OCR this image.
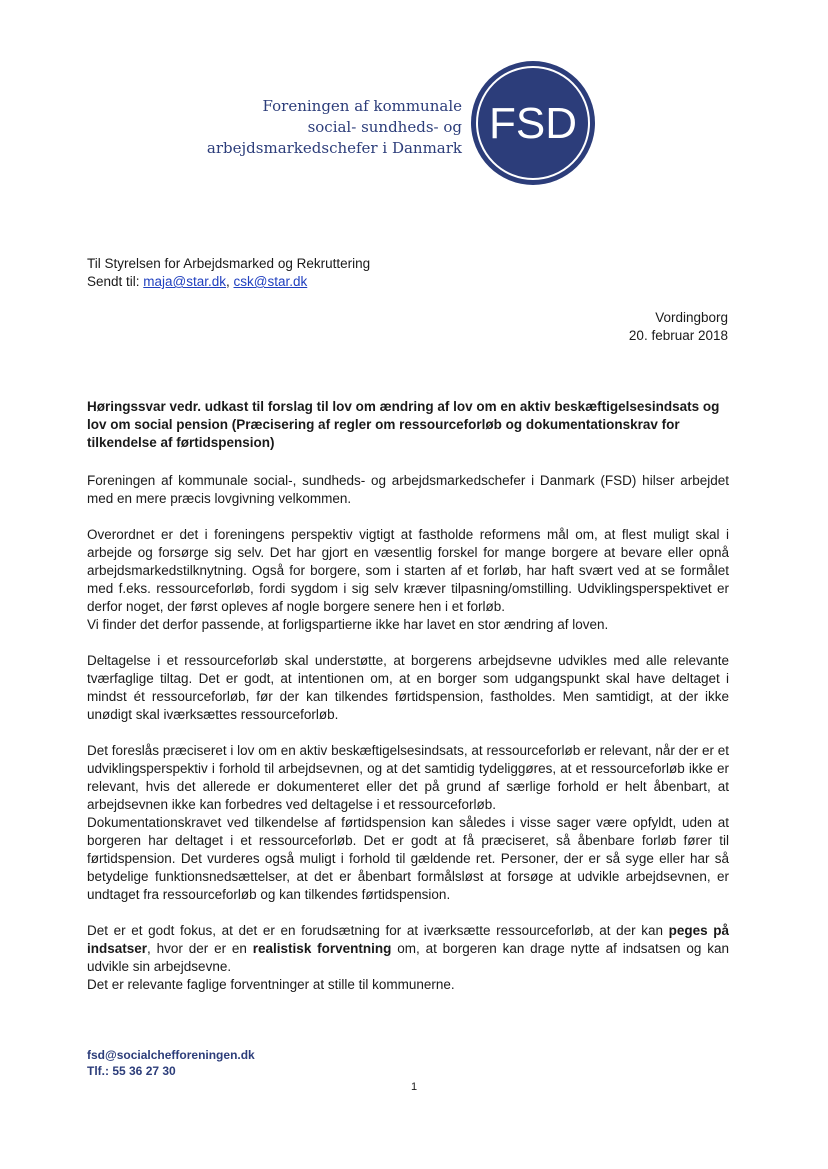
Foreningen af kommunale
social- sundheds- og
arbejdsmarkedschefer i Danmark FSD
Til Styrelsen for Arbejdsmarked og Rekruttering
Sendt til: maja@star.dk, csk@star.dk
Vordingborg
20. februar 2018
Høringssvar vedr. udkast til forslag til lov om ændring af lov om en aktiv beskæftigelsesindsats og lov om social pension (Præcisering af regler om ressourceforløb og dokumentationskrav for tilkendelse af førtidspension)

Foreningen af kommunale social-, sundheds- og arbejdsmarkedschefer i Danmark (FSD) hilser arbejdet med en mere præcis lovgivning velkommen.

Overordnet er det i foreningens perspektiv vigtigt at fastholde reformens mål om, at flest muligt skal i arbejde og forsørge sig selv. Det har gjort en væsentlig forskel for mange borgere at bevare eller opnå arbejdsmarkedstilknytning. Også for borgere, som i starten af et forløb, har haft svært ved at se formålet med f.eks. ressourceforløb, fordi sygdom i sig selv kræver tilpasning/omstilling. Udviklingsperspektivet er derfor noget, der først opleves af nogle borgere senere hen i et forløb.

Vi finder det derfor passende, at forligspartierne ikke har lavet en stor ændring af loven.

Deltagelse i et ressourceforløb skal understøtte, at borgerens arbejdsevne udvikles med alle relevante tværfaglige tiltag. Det er godt, at intentionen om, at en borger som udgangspunkt skal have deltaget i mindst ét ressourceforløb, før der kan tilkendes førtidspension, fastholdes. Men samtidigt, at der ikke unødigt skal iværksættes ressourceforløb.

Det foreslås præciseret i lov om en aktiv beskæftigelsesindsats, at ressourceforløb er relevant, når der er et udviklingsperspektiv i forhold til arbejdsevnen, og at det samtidig tydeliggøres, at et ressourceforløb ikke er relevant, hvis det allerede er dokumenteret eller det på grund af særlige forhold er helt åbenbart, at arbejdsevnen ikke kan forbedres ved deltagelse i et ressourceforløb.

Dokumentationskravet ved tilkendelse af førtidspension kan således i visse sager være opfyldt, uden at borgeren har deltaget i et ressourceforløb. Det er godt at få præciseret, så åbenbare forløb fører til førtidspension. Det vurderes også muligt i forhold til gældende ret. Personer, der er så syge eller har så betydelige funktionsnedsættelser, at det er åbenbart formålsløst at forsøge at udvikle arbejdsevnen, er undtaget fra ressourceforløb og kan tilkendes førtidspension.

Det er et godt fokus, at det er en forudsætning for at iværksætte ressourceforløb, at der kan peges på indsatser, hvor der er en realistisk forventning om, at borgeren kan drage nytte af indsatsen og kan udvikle sin arbejdsevne.

Det er relevante faglige forventninger at stille til kommunerne.

fsd@socialchefforeningen.dk
Tlf.: 55 36 27 30
1
